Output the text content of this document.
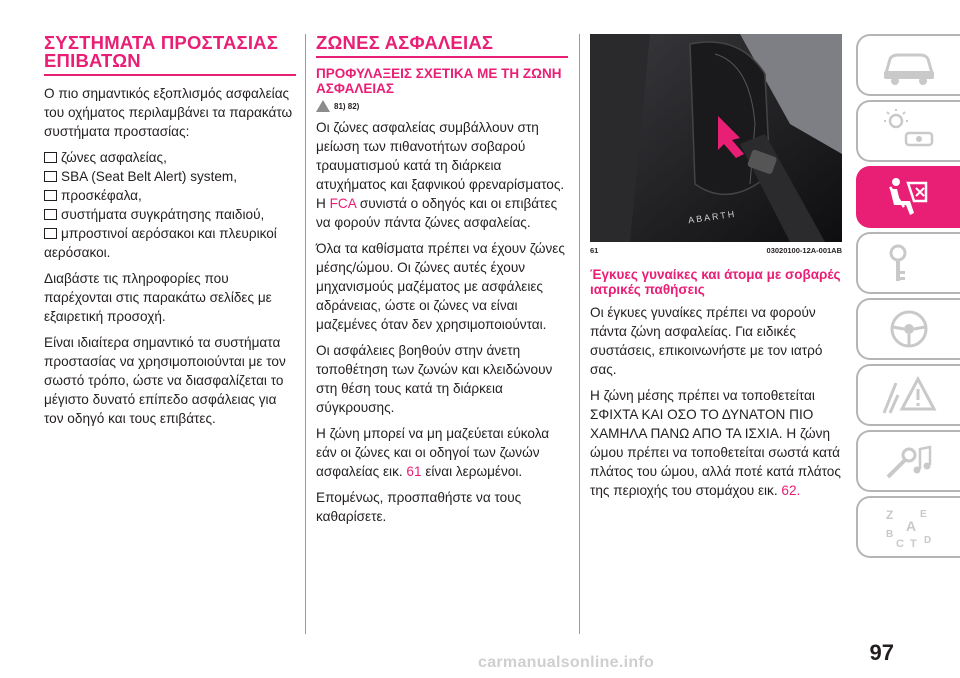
ΣΥΣΤΗΜΑΤΑ ΠΡΟΣΤΑΣΙΑΣ ΕΠΙΒΑΤΩΝ

Ο πιο σημαντικός εξοπλισμός ασφαλείας του οχήματος περιλαμβάνει τα παρακάτω συστήματα προστασίας:

ζώνες ασφαλείας,
SBA (Seat Belt Alert) system,
προσκέφαλα,
συστήματα συγκράτησης παιδιού,
μπροστινοί αερόσακοι και πλευρικοί
αερόσακοι.

Διαβάστε τις πληροφορίες που παρέχονται στις παρακάτω σελίδες με εξαιρετική προσοχή.

Είναι ιδιαίτερα σημαντικό τα συστήματα προστασίας να χρησιμοποιούνται με τον σωστό τρόπο, ώστε να διασφαλίζεται το μέγιστο δυνατό επίπεδο ασφάλειας για τον οδηγό και τους επιβάτες.

ΖΩΝΕΣ ΑΣΦΑΛΕΙΑΣ
ΠΡΟΦΥΛΑΞΕΙΣ ΣΧΕΤΙΚΑ ΜΕ ΤΗ ΖΩΝΗ ΑΣΦΑΛΕΙΑΣ
81) 82)

Οι ζώνες ασφαλείας συμβάλλουν στη μείωση των πιθανοτήτων σοβαρού τραυματισμού κατά τη διάρκεια ατυχήματος και ξαφνικού φρεναρίσματος. Η FCA συνιστά ο οδηγός και οι επιβάτες να φορούν πάντα ζώνες ασφαλείας.

Όλα τα καθίσματα πρέπει να έχουν ζώνες μέσης/ώμου. Οι ζώνες αυτές έχουν μηχανισμούς μαζέματος με ασφάλειες αδράνειας, ώστε οι ζώνες να είναι μαζεμένες όταν δεν χρησιμοποιούνται.

Οι ασφάλειες βοηθούν στην άνετη τοποθέτηση των ζωνών και κλειδώνουν στη θέση τους κατά τη διάρκεια σύγκρουσης.

Η ζώνη μπορεί να μη μαζεύεται εύκολα εάν οι ζώνες και οι οδηγοί των ζωνών ασφαλείας εικ. 61 είναι λερωμένοι.

Επομένως, προσπαθήστε να τους καθαρίσετε.

ABARTH
61	03020100-12A-001AB
Έγκυες γυναίκες και άτομα με σοβαρές ιατρικές παθήσεις

Οι έγκυες γυναίκες πρέπει να φορούν πάντα ζώνη ασφαλείας. Για ειδικές συστάσεις, επικοινωνήστε με τον ιατρό σας.

Η ζώνη μέσης πρέπει να τοποθετείται ΣΦΙΧΤΑ ΚΑΙ ΟΣΟ ΤΟ ΔΥΝΑΤΟΝ ΠΙΟ ΧΑΜΗΛΑ ΠΑΝΩ ΑΠΟ ΤΑ ΙΣΧΙΑ. Η ζώνη ώμου πρέπει να τοποθετείται σωστά κατά πλάτος του ώμου, αλλά ποτέ κατά πλάτος της περιοχής του στομάχου εικ. 62.

Z	E
A
B
C T D
97
carmanualsonline.info
